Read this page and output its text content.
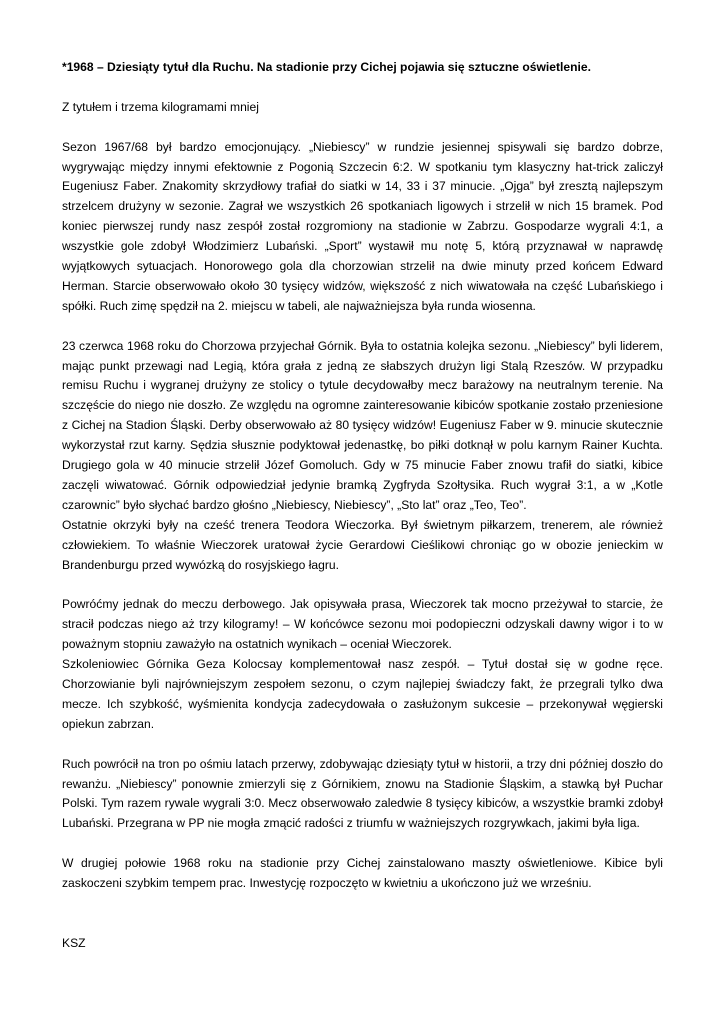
*1968 – Dziesiąty tytuł dla Ruchu. Na stadionie przy Cichej pojawia się sztuczne oświetlenie.

Z tytułem i trzema kilogramami mniej

Sezon 1967/68 był bardzo emocjonujący. „Niebiescy” w rundzie jesiennej spisywali się bardzo dobrze, wygrywając między innymi efektownie z Pogonią Szczecin 6:2. W spotkaniu tym klasyczny hat-trick zaliczył Eugeniusz Faber. Znakomity skrzydłowy trafiał do siatki w 14, 33 i 37 minucie. „Ojga” był zresztą najlepszym strzelcem drużyny w sezonie. Zagrał we wszystkich 26 spotkaniach ligowych i strzelił w nich 15 bramek. Pod koniec pierwszej rundy nasz zespół został rozgromiony na stadionie w Zabrzu. Gospodarze wygrali 4:1, a wszystkie gole zdobył Włodzimierz Lubański. „Sport” wystawił mu notę 5, którą przyznawał w naprawdę wyjątkowych sytuacjach. Honorowego gola dla chorzowian strzelił na dwie minuty przed końcem Edward Herman. Starcie obserwowało około 30 tysięcy widzów, większość z nich wiwatowała na część Lubańskiego i spółki. Ruch zimę spędził na 2. miejscu w tabeli, ale najważniejsza była runda wiosenna.

23 czerwca 1968 roku do Chorzowa przyjechał Górnik. Była to ostatnia kolejka sezonu. „Niebiescy” byli liderem, mając punkt przewagi nad Legią, która grała z jedną ze słabszych drużyn ligi Stalą Rzeszów. W przypadku remisu Ruchu i wygranej drużyny ze stolicy o tytule decydowałby mecz barażowy na neutralnym terenie. Na szczęście do niego nie doszło. Ze względu na ogromne zainteresowanie kibiców spotkanie zostało przeniesione z Cichej na Stadion Śląski. Derby obserwowało aż 80 tysięcy widzów! Eugeniusz Faber w 9. minucie skutecznie wykorzystał rzut karny. Sędzia słusznie podyktował jedenastkę, bo piłki dotknął w polu karnym Rainer Kuchta. Drugiego gola w 40 minucie strzelił Józef Gomoluch. Gdy w 75 minucie Faber znowu trafił do siatki, kibice zaczęli wiwatować. Górnik odpowiedział jedynie bramką Zygfryda Szołtysika. Ruch wygrał 3:1, a w „Kotle czarownic” było słychać bardzo głośno „Niebiescy, Niebiescy”, „Sto lat” oraz „Teo, Teo”.

Ostatnie okrzyki były na cześć trenera Teodora Wieczorka. Był świetnym piłkarzem, trenerem, ale również człowiekiem. To właśnie Wieczorek uratował życie Gerardowi Cieślikowi chroniąc go w obozie jenieckim w Brandenburgu przed wywózką do rosyjskiego łagru.

Powróćmy jednak do meczu derbowego. Jak opisywała prasa, Wieczorek tak mocno przeżywał to starcie, że stracił podczas niego aż trzy kilogramy! – W końcówce sezonu moi podopieczni odzyskali dawny wigor i to w poważnym stopniu zaważyło na ostatnich wynikach – oceniał Wieczorek.

Szkoleniowiec Górnika Geza Kolocsay komplementował nasz zespół. – Tytuł dostał się w godne ręce. Chorzowianie byli najrówniejszym zespołem sezonu, o czym najlepiej świadczy fakt, że przegrali tylko dwa mecze. Ich szybkość, wyśmienita kondycja zadecydowała o zasłużonym sukcesie – przekonywał węgierski opiekun zabrzan.

Ruch powrócił na tron po ośmiu latach przerwy, zdobywając dziesiąty tytuł w historii, a trzy dni później doszło do rewanżu. „Niebiescy” ponownie zmierzyli się z Górnikiem, znowu na Stadionie Śląskim, a stawką był Puchar Polski. Tym razem rywale wygrali 3:0. Mecz obserwowało zaledwie 8 tysięcy kibiców, a wszystkie bramki zdobył Lubański. Przegrana w PP nie mogła zmącić radości z triumfu w ważniejszych rozgrywkach, jakimi była liga.

W drugiej połowie 1968 roku na stadionie przy Cichej zainstalowano maszty oświetleniowe. Kibice byli zaskoczeni szybkim tempem prac. Inwestycję rozpoczęto w kwietniu a ukończono już we wrześniu.

KSZ
